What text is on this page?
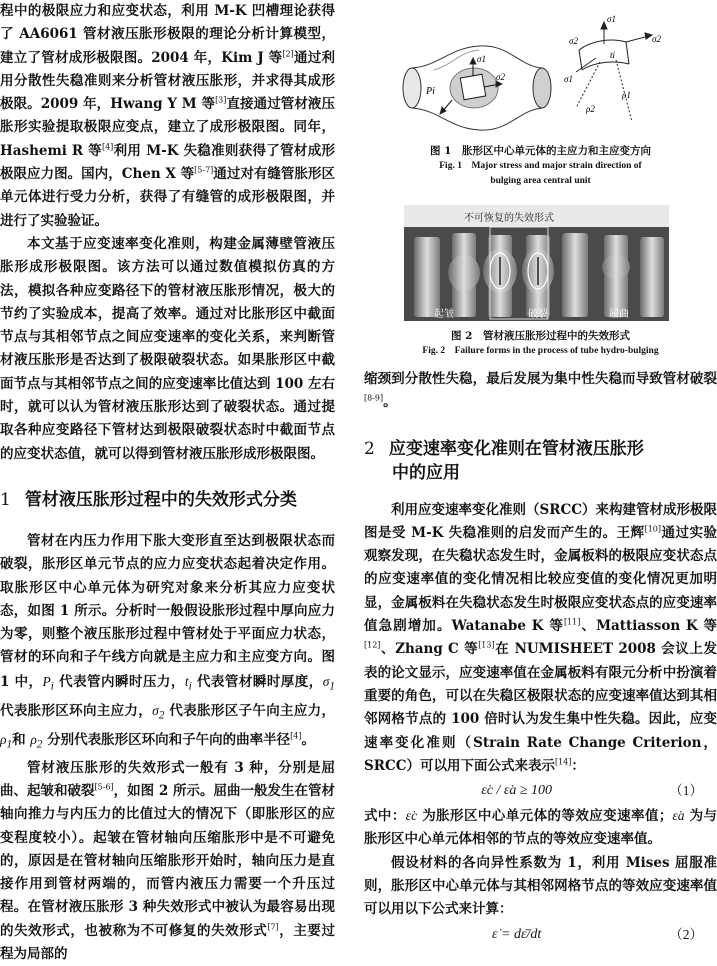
程中的极限应力和应变状态，利用 M-K 凹槽理论获得了 AA6061 管材液压胀形极限的理论分析计算模型，建立了管材成形极限图。2004 年，Kim J 等[2]通过利用分散性失稳准则来分析管材液压胀形，并求得其成形极限。2009 年，Hwang Y M 等[3]直接通过管材液压胀形实验提取极限应变点，建立了成形极限图。同年，Hashemi R 等[4]利用 M-K 失稳准则获得了管材成形极限应力图。国内，Chen X 等[5-7]通过对有缝管胀形区单元体进行受力分析，获得了有缝管的成形极限图，并进行了实验验证。

本文基于应变速率变化准则，构建金属薄壁管液压胀形成形极限图。该方法可以通过数值模拟仿真的方法，模拟各种应变路径下的管材液压胀形情况，极大的节约了实验成本，提高了效率。通过对比胀形区中截面节点与其相邻节点之间应变速率的变化关系，来判断管材液压胀形是否达到了极限破裂状态。如果胀形区中截面节点与其相邻节点之间的应变速率比值达到 100 左右时，就可以认为管材液压胀形达到了破裂状态。通过提取各种应变路径下管材达到极限破裂状态时中截面节点的应变状态值，就可以得到管材液压胀形成形极限图。

1 管材液压胀形过程中的失效形式分类

管材在内压力作用下胀大变形直至达到极限状态而破裂，胀形区单元节点的应力应变状态起着决定作用。取胀形区中心单元体为研究对象来分析其应力应变状态，如图 1 所示。分析时一般假设胀形过程中厚向应力为零，则整个液压胀形过程中管材处于平面应力状态，管材的环向和子午线方向就是主应力和主应变方向。图 1 中，$P_i$ 代表管内瞬时压力，$t_i$ 代表管材瞬时厚度，$\sigma_1$ 代表胀形区环向主应力，$\sigma_2$ 代表胀形区子午向主应力，$\rho_1$和 $\rho_2$ 分别代表胀形区环向和子午向的曲率半径[4]。

管材液压胀形的失效形式一般有 3 种，分别是屈曲、起皱和破裂[5-6]，如图 2 所示。屈曲一般发生在管材轴向推力与内压力的比值过大的情况下（即胀形区的应变程度较小）。起皱在管材轴向压缩胀形中是不可避免的，原因是在管材轴向压缩胀形开始时，轴向压力是直接作用到管材两端的，而管内液压力需要一个升压过程。在管材液压胀形 3 种失效形式中被认为最容易出现的失效形式，也被称为不可修复的失效形式[7]，主要过程为局部的

Pi
σ1
σ2
σ1
σ2
σ2
ti
ρ1
ρ2
σ1

图 1　胀形区中心单元体的主应力和主应变方向

Fig. 1　Major stress and major strain direction of

bulging area central unit

不可恢复的失效形式
起皱	破裂	屈曲

图 2　管材液压胀形过程中的失效形式

Fig. 2　Failure forms in the process of tube hydro-bulging

缩颈到分散性失稳，最后发展为集中性失稳而导致管材破裂[8-9]。

2 应变速率变化准则在管材液压胀形
中的应用

利用应变速率变化准则（SRCC）来构建管材成形极限图是受 M-K 失稳准则的启发而产生的。王辉[10]通过实验观察发现，在失稳状态发生时，金属板料的极限应变状态点的应变速率值的变化情况相比较应变值的变化情况更加明显，金属板料在失稳状态发生时极限应变状态点的应变速率值急剧增加。Watanabe K 等[11]、Mattiasson K 等[12]、Zhang C 等[13]在 NUMISHEET 2008 会议上发表的论文显示，应变速率值在金属板料有限元分析中扮演着重要的角色，可以在失稳区极限状态的应变速率值达到其相邻网格节点的 100 倍时认为发生集中性失稳。因此，应变速率变化准则（Strain Rate Change Criterion，SRCC）可以用下面公式来表示[14]：

ε̇c / ε̇a ≥ 100	（1）

式中：ε̇c 为胀形区中心单元体的等效应变速率值；ε̇a 为与胀形区中心单元体相邻的节点的等效应变速率值。

假设材料的各向异性系数为 1，利用 Mises 屈服准则，胀形区中心单元体与其相邻网格节点的等效应变速率值可以用以下公式来计算：

ε̇ = dε̄/dt	（2）
